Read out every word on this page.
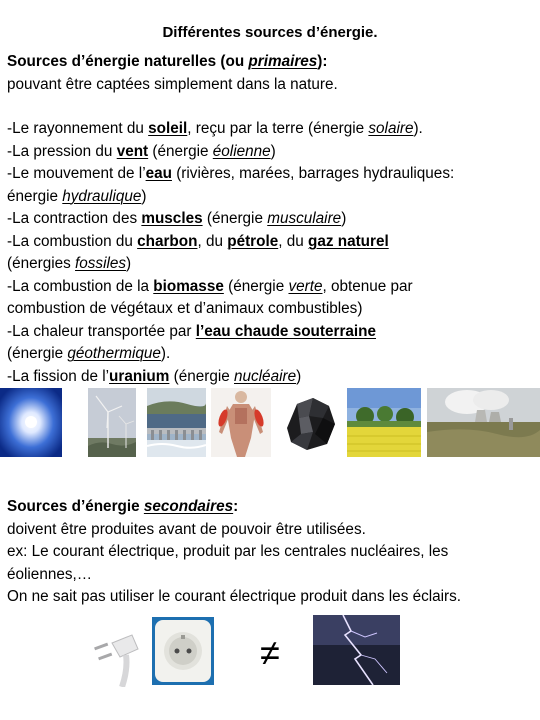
Différentes sources d’énergie.
Sources d’énergie naturelles (ou primaires):
pouvant être captées simplement dans la nature.
-Le rayonnement du soleil, reçu par la terre (énergie solaire).
-La pression du vent (énergie éolienne)
-Le mouvement de l’eau (rivières, marées, barrages hydrauliques:
énergie hydraulique)
-La contraction des muscles (énergie musculaire)
-La combustion du charbon, du pétrole, du gaz naturel
(énergies fossiles)
-La combustion de la biomasse (énergie verte, obtenue par
combustion de végétaux et d’animaux combustibles)
-La chaleur transportée par l’eau chaude souterraine
(énergie géothermique).
-La fission de l’uranium (énergie nucléaire)
Sources d’énergie secondaires:
doivent être produites avant de pouvoir être utilisées.
ex: Le courant électrique, produit par les centrales nucléaires, les
éoliennes,…
On ne sait pas utiliser le courant électrique produit dans les éclairs.
≠
